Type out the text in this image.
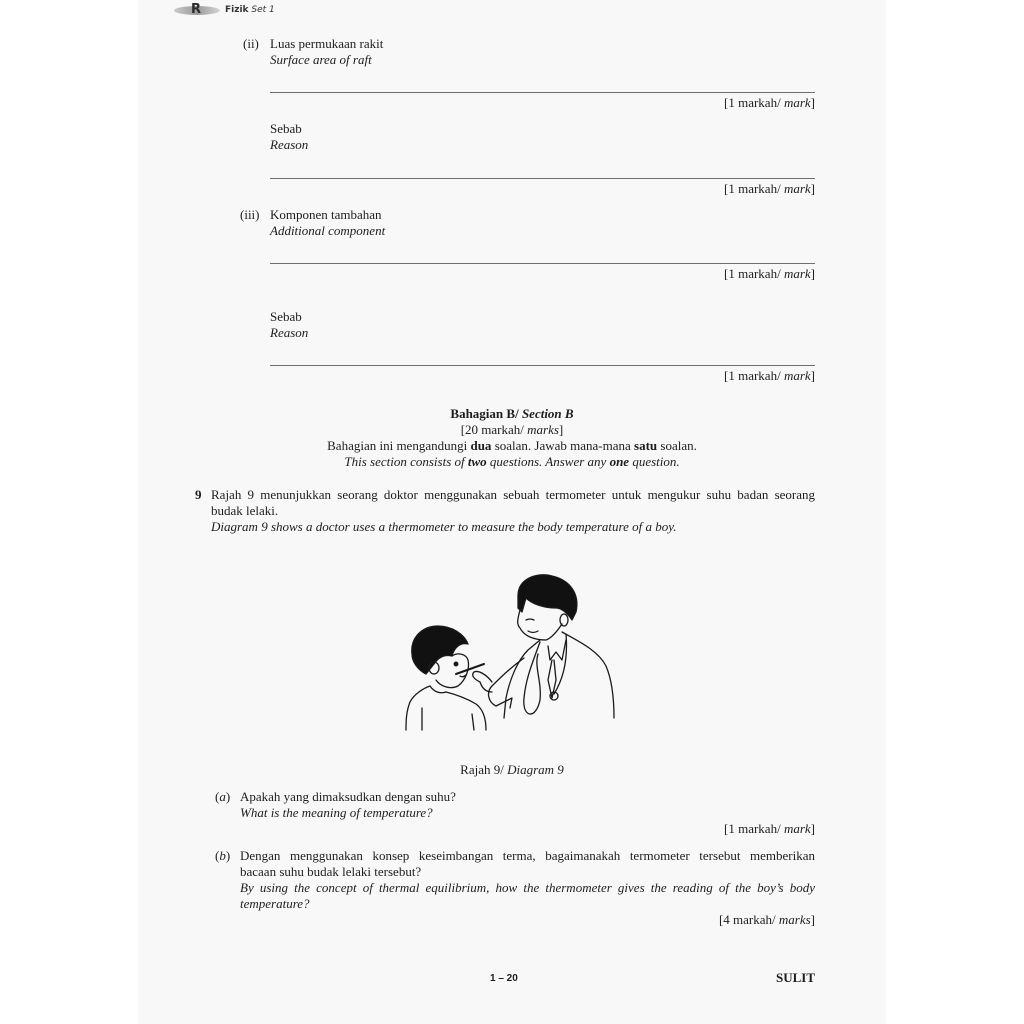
R	Fizik Set 1
(ii) Luas permukaan rakit
Surface area of raft
[1 markah/ mark]
Sebab
Reason
[1 markah/ mark]
(iii) Komponen tambahan
Additional component
[1 markah/ mark]
Sebab
Reason
[1 markah/ mark]
Bahagian B/ Section B
[20 markah/ marks]
Bahagian ini mengandungi dua soalan. Jawab mana-mana satu soalan.
This section consists of two questions. Answer any one question.
9 Rajah 9 menunjukkan seorang doktor menggunakan sebuah termometer untuk mengukur suhu badan seorang
budak lelaki.
Diagram 9 shows a doctor uses a thermometer to measure the body temperature of a boy.
Rajah 9/ Diagram 9
(a) Apakah yang dimaksudkan dengan suhu?
What is the meaning of temperature?
[1 markah/ mark]
(b) Dengan menggunakan konsep keseimbangan terma, bagaimanakah termometer tersebut memberikan
bacaan suhu budak lelaki tersebut?
By using the concept of thermal equilibrium, how the thermometer gives the reading of the boy’s body
temperature?
[4 markah/ marks]
1 – 20	SULIT
